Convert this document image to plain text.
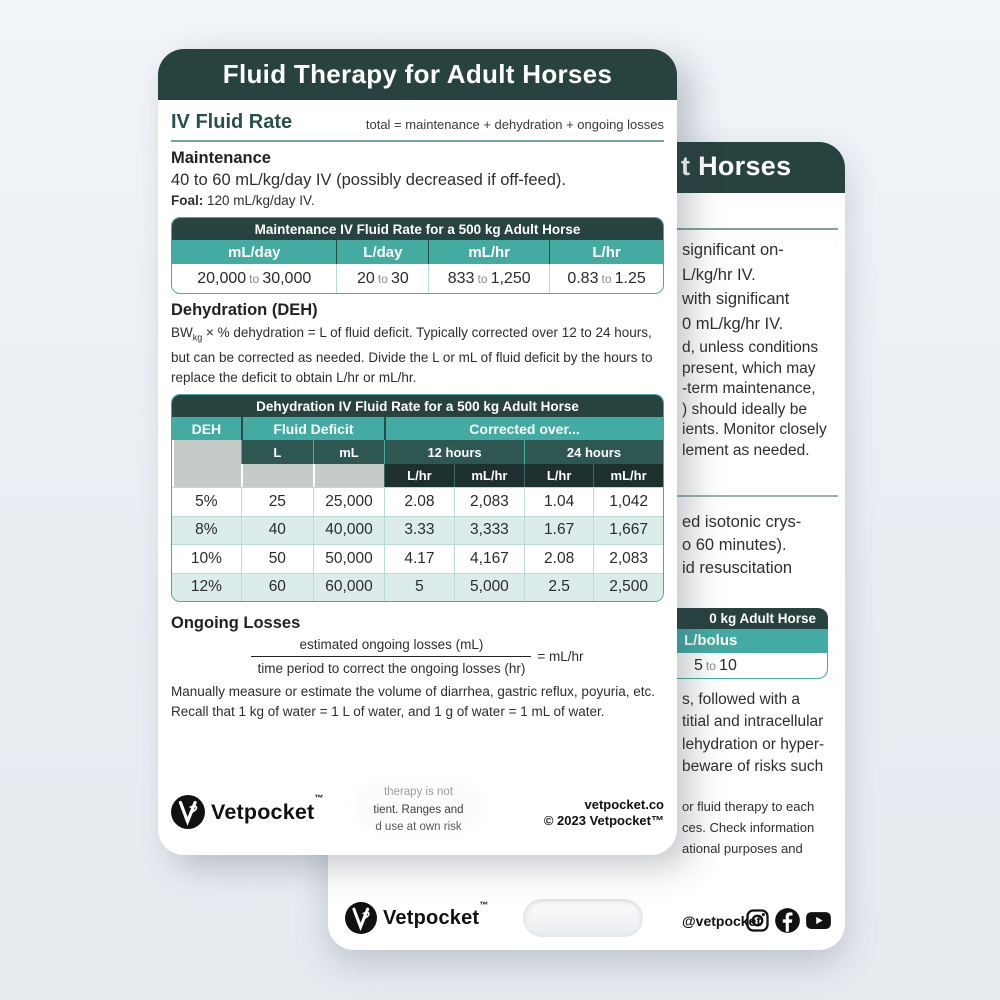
t Horses
significant on-
L/kg/hr IV.
with significant
0 mL/kg/hr IV.
d, unless conditions
present, which may
-term maintenance,
) should ideally be
ients. Monitor closely
lement as needed.
ed isotonic crys-
o 60 minutes).
id resuscitation
0 kg Adult Horse
L/bolus
5 to 10
s, followed with a
titial and intracellular
lehydration or hyper-
beware of risks such
or fluid therapy to each
ces. Check information
ational purposes and
Vetpocket™
@vetpocket
Fluid Therapy for Adult Horses
IV Fluid Rate	total = maintenance + dehydration + ongoing losses
Maintenance
40 to 60 mL/kg/day IV (possibly decreased if off-feed).
Foal: 120 mL/kg/day IV.
Maintenance IV Fluid Rate for a 500 kg Adult Horse			
mL/day	L/day	mL/hr	L/hr
20,000 to 30,000	20 to 30	833 to 1,250	0.83 to 1.25
Dehydration (DEH)
$BW_{kg}$ × % dehydration = L of fluid deficit. Typically corrected over 12 to 24 hours, but can be corrected as needed. Divide the L or mL of fluid deficit by the hours to replace the deficit to obtain L/hr or mL/hr.
Dehydration IV Fluid Rate for a 500 kg Adult Horse						
DEH	Fluid Deficit		Corrected over...			
	L	mL	12 hours		24 hours	
			L/hr	mL/hr	L/hr	mL/hr
5%	25	25,000	2.08	2,083	1.04	1,042
8%	40	40,000	3.33	3,333	1.67	1,667
10%	50	50,000	4.17	4,167	2.08	2,083
12%	60	60,000	5	5,000	2.5	2,500
Ongoing Losses
$\frac{\text{estimated ongoing losses (mL)}}{\text{time period to correct the ongoing losses (hr)}} = mL/hr$
Manually measure or estimate the volume of diarrhea, gastric reflux, poyuria, etc. Recall that 1 kg of water = 1 L of water, and 1 g of water = 1 mL of water.
Vetpocket™	therapy is not
tient. Ranges and
d use at own risk
vetpocket.co
© 2023 Vetpocket™
